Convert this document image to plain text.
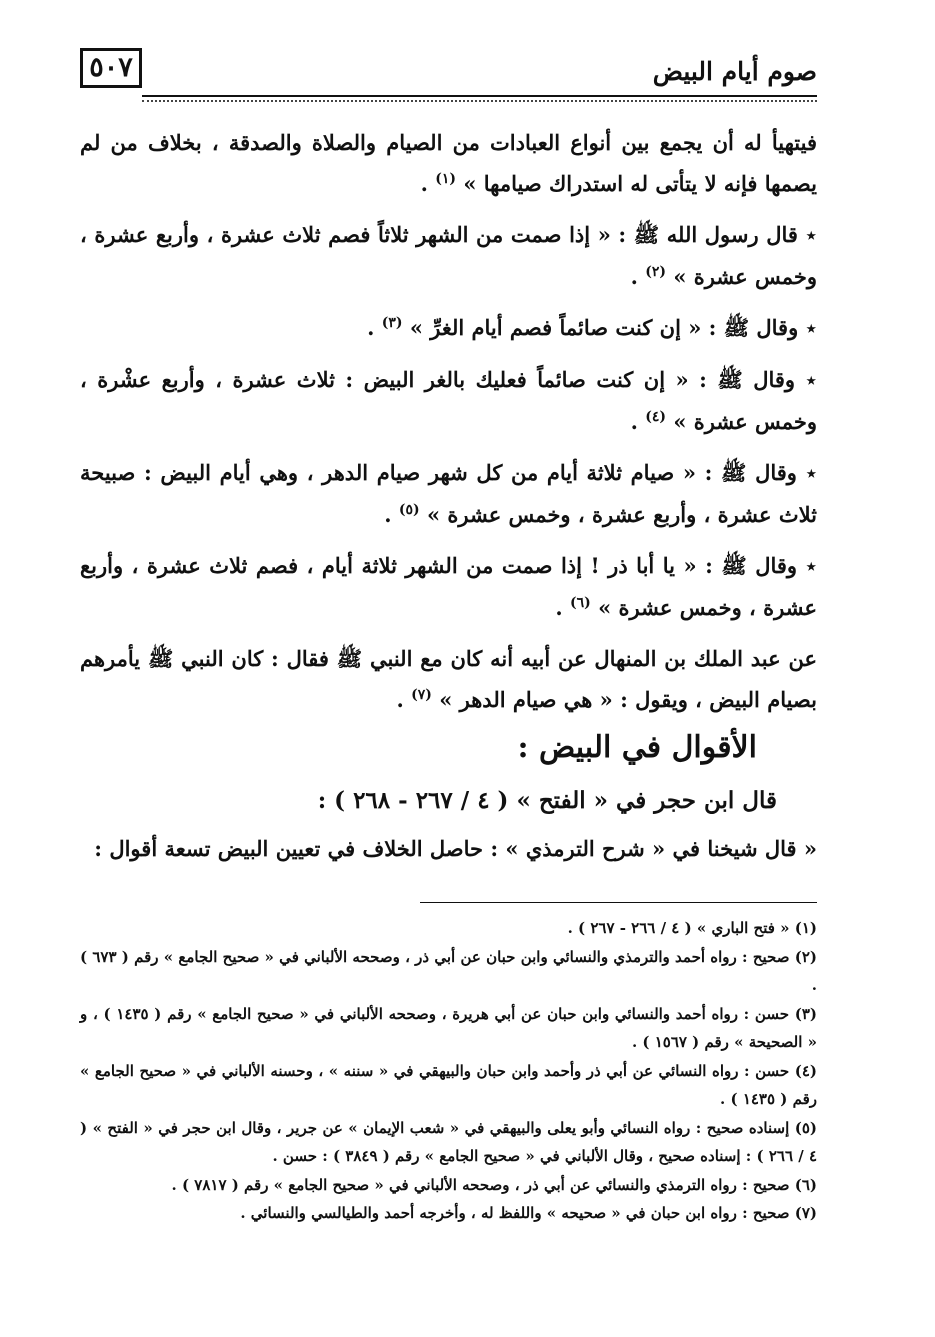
٥٠٧	صوم أيام البيض

فيتهيأ له أن يجمع بين أنواع العبادات من الصيام والصلاة والصدقة ، بخلاف من لم يصمها فإنه لا يتأتى له استدراك صيامها » $^{(١)}$ .

٭ قال رسول الله ﷺ : « إذا صمت من الشهر ثلاثاً فصم ثلاث عشرة ، وأربع عشرة ، وخمس عشرة » $^{(٢)}$ .

٭ وقال ﷺ : « إن كنت صائماً فصم أيام الغرِّ » $^{(٣)}$ .

٭ وقال ﷺ : « إن كنت صائماً فعليك بالغر البيض : ثلاث عشرة ، وأربع عشْرة ، وخمس عشرة » $^{(٤)}$ .

٭ وقال ﷺ : « صيام ثلاثة أيام من كل شهر صيام الدهر ، وهي أيام البيض : صبيحة ثلاث عشرة ، وأربع عشرة ، وخمس عشرة » $^{(٥)}$ .

٭ وقال ﷺ : « يا أبا ذر ! إذا صمت من الشهر ثلاثة أيام ، فصم ثلاث عشرة ، وأربع عشرة ، وخمس عشرة » $^{(٦)}$ .

عن عبد الملك بن المنهال عن أبيه أنه كان مع النبي ﷺ فقال : كان النبي ﷺ يأمرهم بصيام البيض ، ويقول : « هي صيام الدهر » $^{(٧)}$ .

الأقوال في البيض :
قال ابن حجر في « الفتح » ( ٤ / ٢٦٧ - ٢٦٨ ) :

« قال شيخنا في « شرح الترمذي » : حاصل الخلاف في تعيين البيض تسعة أقوال :

(١) « فتح الباري » ( ٤ / ٢٦٦ - ٢٦٧ ) .

(٢) صحيح : رواه أحمد والترمذي والنسائي وابن حبان عن أبي ذر ، وصححه الألباني في « صحيح الجامع » رقم ( ٦٧٣ ) .

(٣) حسن : رواه أحمد والنسائي وابن حبان عن أبي هريرة ، وصححه الألباني في « صحيح الجامع » رقم ( ١٤٣٥ ) ، و « الصحيحة » رقم ( ١٥٦٧ ) .

(٤) حسن : رواه النسائي عن أبي ذر وأحمد وابن حبان والبيهقي في « سننه » ، وحسنه الألباني في « صحيح الجامع » رقم ( ١٤٣٥ ) .

(٥) إسناده صحيح : رواه النسائي وأبو يعلى والبيهقي في « شعب الإيمان » عن جرير ، وقال ابن حجر في « الفتح » ( ٤ / ٢٦٦ ) : إسناده صحيح ، وقال الألباني في « صحيح الجامع » رقم ( ٣٨٤٩ ) : حسن .

(٦) صحيح : رواه الترمذي والنسائي عن أبي ذر ، وصححه الألباني في « صحيح الجامع » رقم ( ٧٨١٧ ) .

(٧) صحيح : رواه ابن حبان في « صحيحه » واللفظ له ، وأخرجه أحمد والطيالسي والنسائي .
